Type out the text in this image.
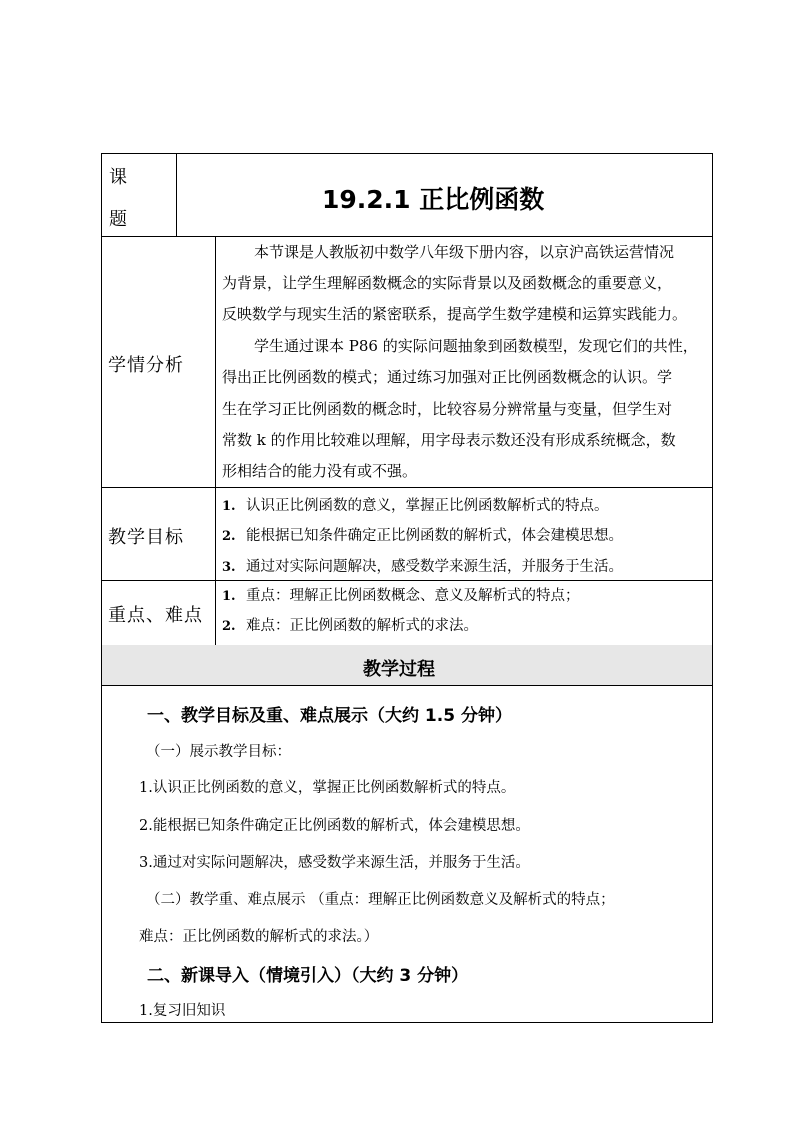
课
题
19.2.1 正比例函数
学情分析
本节课是人教版初中数学八年级下册内容，以京沪高铁运营情况
为背景，让学生理解函数概念的实际背景以及函数概念的重要意义，
反映数学与现实生活的紧密联系，提高学生数学建模和运算实践能力。
学生通过课本 P86 的实际问题抽象到函数模型，发现它们的共性，
得出正比例函数的模式；通过练习加强对正比例函数概念的认识。学
生在学习正比例函数的概念时，比较容易分辨常量与变量，但学生对
常数 k 的作用比较难以理解，用字母表示数还没有形成系统概念，数
形相结合的能力没有或不强。
教学目标
1. 认识正比例函数的意义，掌握正比例函数解析式的特点。
2. 能根据已知条件确定正比例函数的解析式，体会建模思想。
3. 通过对实际问题解决，感受数学来源生活，并服务于生活。
重点、难点
1. 重点：理解正比例函数概念、意义及解析式的特点；
2. 难点：正比例函数的解析式的求法。
教学过程
一、教学目标及重、难点展示（大约 1.5 分钟）
（一）展示教学目标：
1.认识正比例函数的意义，掌握正比例函数解析式的特点。
2.能根据已知条件确定正比例函数的解析式，体会建模思想。
3.通过对实际问题解决，感受数学来源生活，并服务于生活。
（二）教学重、难点展示 （重点：理解正比例函数意义及解析式的特点；
难点：正比例函数的解析式的求法。）
二、新课导入（情境引入）（大约 3 分钟）
1.复习旧知识
